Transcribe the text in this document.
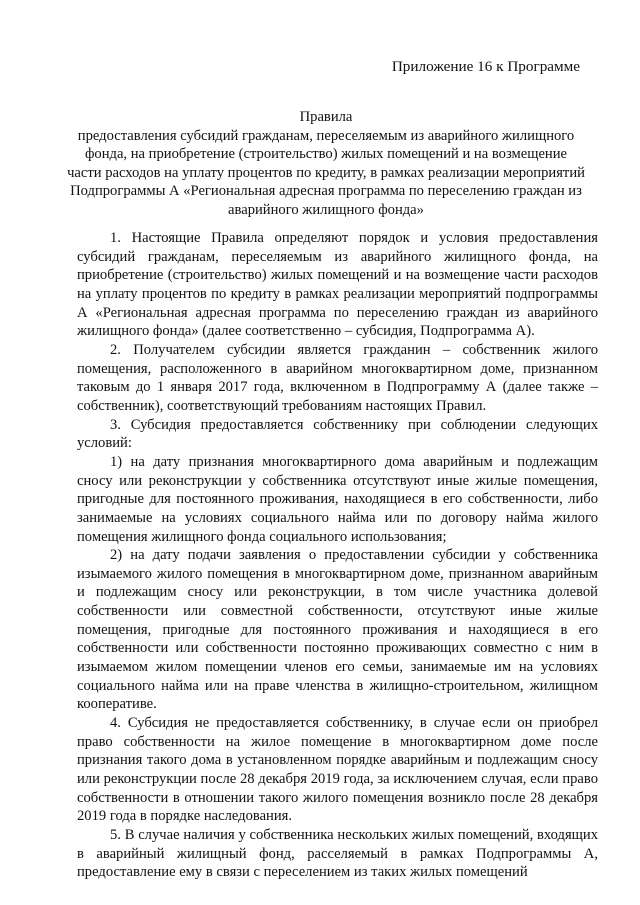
Приложение 16 к Программе

Правила

предоставления субсидий гражданам, переселяемым из аварийного жилищного фонда, на приобретение (строительство) жилых помещений и на возмещение части расходов на уплату процентов по кредиту, в рамках реализации мероприятий Подпрограммы А «Региональная адресная программа по переселению граждан из аварийного жилищного фонда»

1. Настоящие Правила определяют порядок и условия предоставления субсидий гражданам, переселяемым из аварийного жилищного фонда, на приобретение (строительство) жилых помещений и на возмещение части расходов на уплату процентов по кредиту в рамках реализации мероприятий подпрограммы А «Региональная адресная программа по переселению граждан из аварийного жилищного фонда» (далее соответственно – субсидия, Подпрограмма А).

2. Получателем субсидии является гражданин – собственник жилого помещения, расположенного в аварийном многоквартирном доме, признанном таковым до 1 января 2017 года, включенном в Подпрограмму А (далее также – собственник), соответствующий требованиям настоящих Правил.

3. Субсидия предоставляется собственнику при соблюдении следующих условий:

1) на дату признания многоквартирного дома аварийным и подлежащим сносу или реконструкции у собственника отсутствуют иные жилые помещения, пригодные для постоянного проживания, находящиеся в его собственности, либо занимаемые на условиях социального найма или по договору найма жилого помещения жилищного фонда социального использования;

2) на дату подачи заявления о предоставлении субсидии у собственника изымаемого жилого помещения в многоквартирном доме, признанном аварийным и подлежащим сносу или реконструкции, в том числе участника долевой собственности или совместной собственности, отсутствуют иные жилые помещения, пригодные для постоянного проживания и находящиеся в его собственности или собственности постоянно проживающих совместно с ним в изымаемом жилом помещении членов его семьи, занимаемые им на условиях социального найма или на праве членства в жилищно-строительном, жилищном кооперативе.

4. Субсидия не предоставляется собственнику, в случае если он приобрел право собственности на жилое помещение в многоквартирном доме после признания такого дома в установленном порядке аварийным и подлежащим сносу или реконструкции после 28 декабря 2019 года, за исключением случая, если право собственности в отношении такого жилого помещения возникло после 28 декабря 2019 года в порядке наследования.

5. В случае наличия у собственника нескольких жилых помещений, входящих в аварийный жилищный фонд, расселяемый в рамках Подпрограммы А, предоставление ему в связи с переселением из таких жилых помещений
